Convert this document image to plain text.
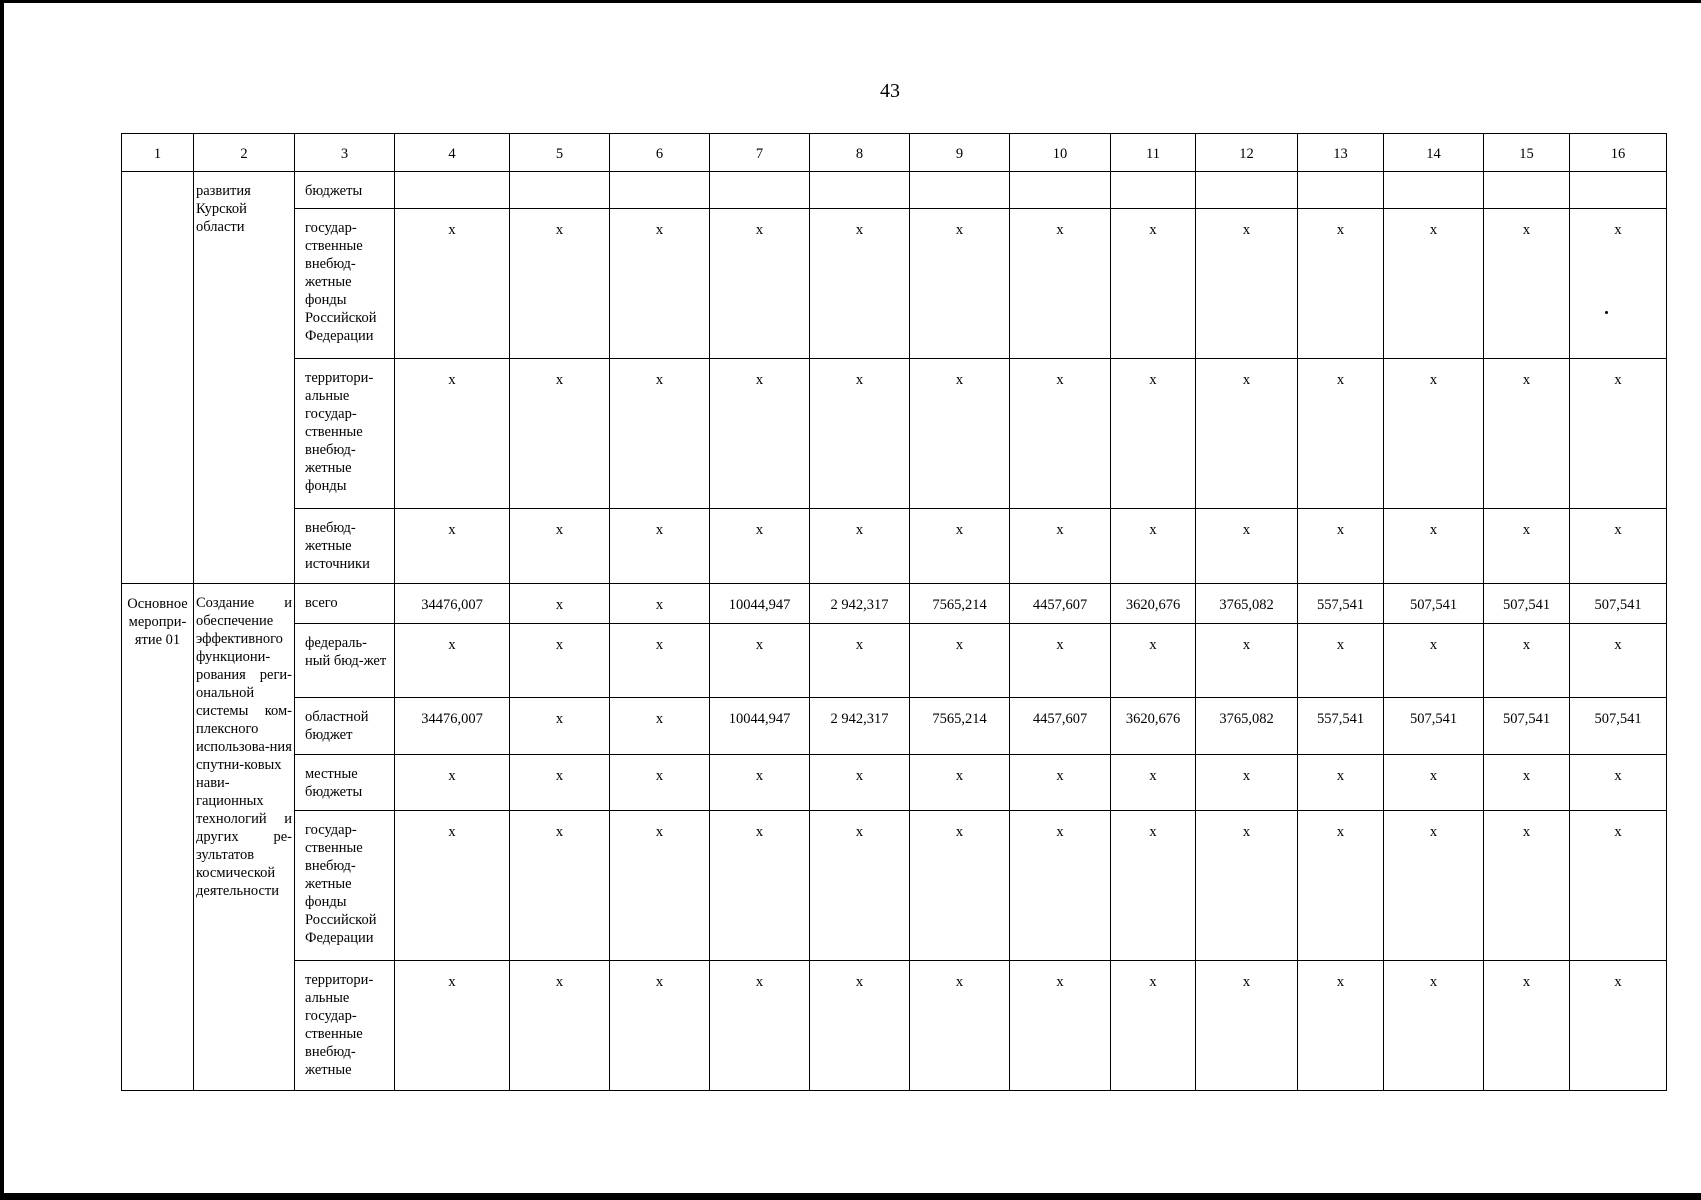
43
1	2	3	4	5	6	7	8	9	10	11	12	13	14	15	16
	развития Курской области	бюджеты													
		государ-ственные внебюд-жетные фонды Российской Федерации	х	х	х	х	х	х	х	х	х	х	х	х	х
		территори-альные государ-ственные внебюд-жетные фонды	х	х	х	х	х	х	х	х	х	х	х	х	х
		внебюд-жетные источники	х	х	х	х	х	х	х	х	х	х	х	х	х
Основное меропри-ятие 01	Создание и обеспечение эффективного функциони-рования реги-ональной системы ком-плексного использова-ния спутни-ковых нави-гационных технологий и других ре-зультатов космической деятельности	всего	34476,007	х	х	10044,947	2 942,317	7565,214	4457,607	3620,676	3765,082	557,541	507,541	507,541	507,541
		федераль-ный бюд-жет	х	х	х	х	х	х	х	х	х	х	х	х	х
		областной бюджет	34476,007	х	х	10044,947	2 942,317	7565,214	4457,607	3620,676	3765,082	557,541	507,541	507,541	507,541
		местные бюджеты	х	х	х	х	х	х	х	х	х	х	х	х	х
		государ-ственные внебюд-жетные фонды Российской Федерации	х	х	х	х	х	х	х	х	х	х	х	х	х
		территори-альные государ-ственные внебюд-жетные	х	х	х	х	х	х	х	х	х	х	х	х	х
